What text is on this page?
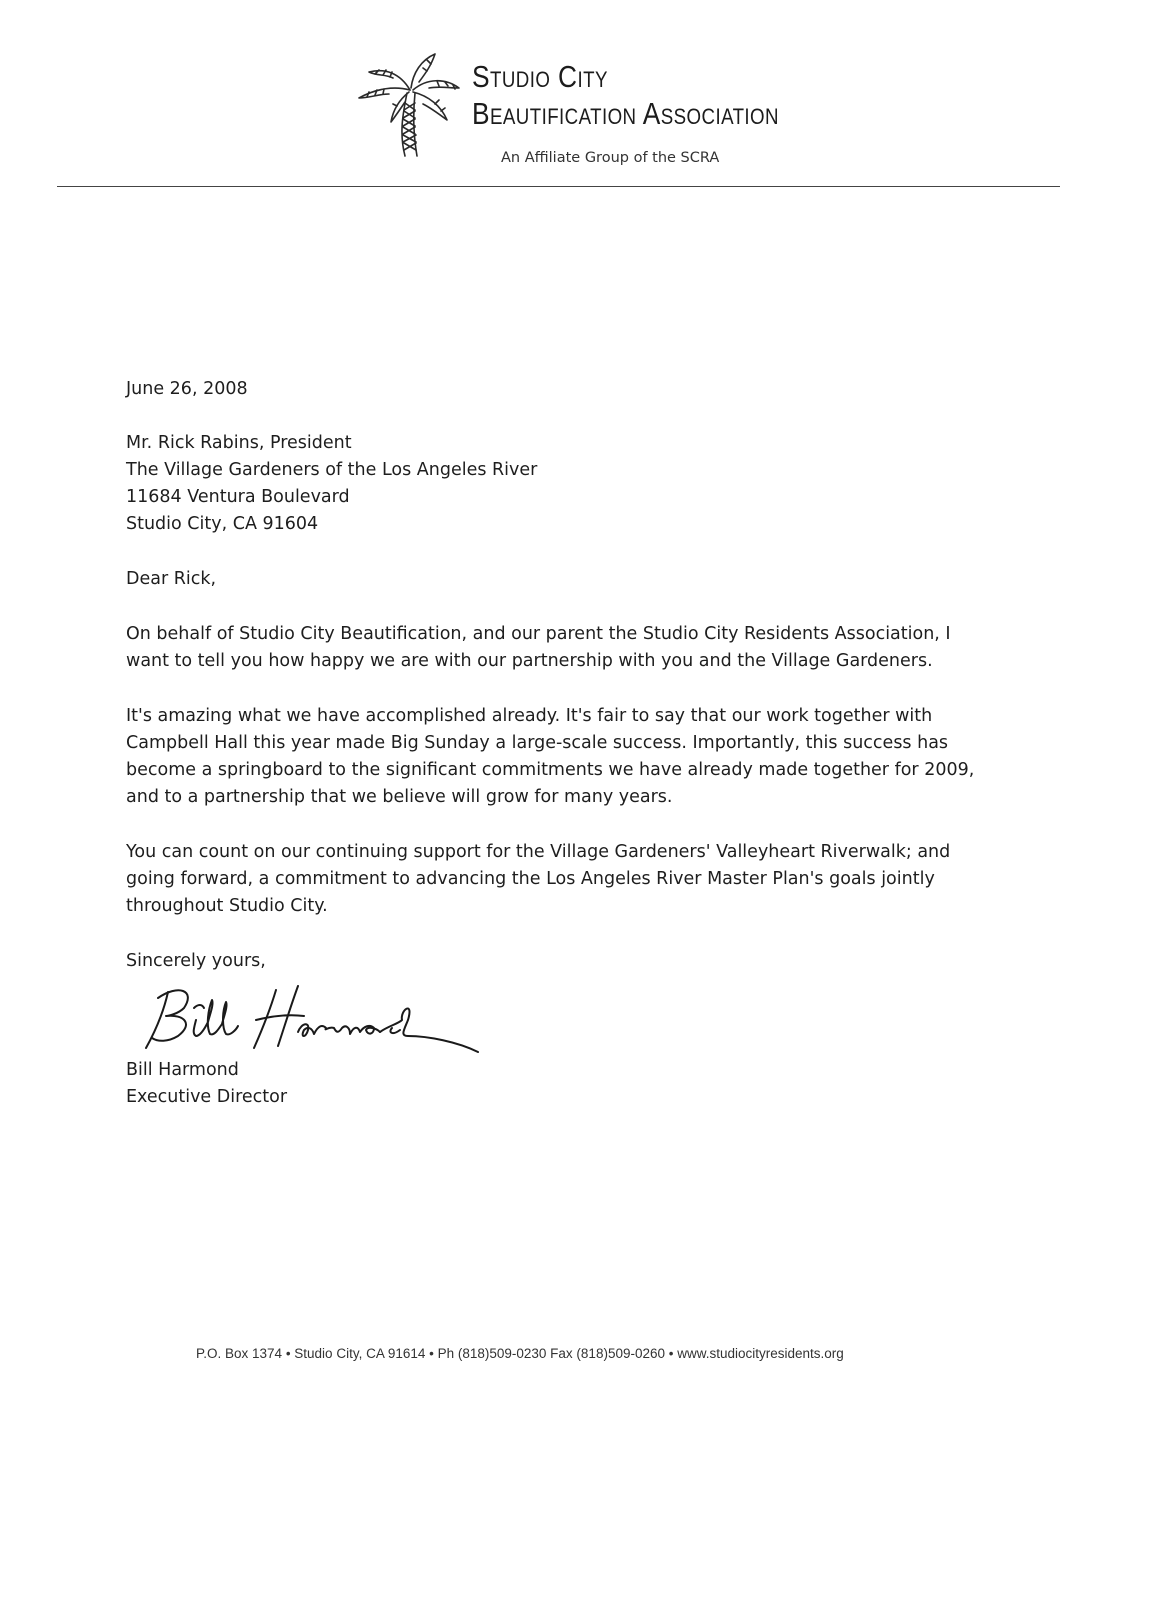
Studio City
Beautification Association
An Affiliate Group of the SCRA
June 26, 2008
Mr. Rick Rabins, President
The Village Gardeners of the Los Angeles River
11684 Ventura Boulevard
Studio City, CA 91604
Dear Rick,
On behalf of Studio City Beautification, and our parent the Studio City Residents Association, I
want to tell you how happy we are with our partnership with you and the Village Gardeners.
It's amazing what we have accomplished already. It's fair to say that our work together with
Campbell Hall this year made Big Sunday a large-scale success. Importantly, this success has
become a springboard to the significant commitments we have already made together for 2009,
and to a partnership that we believe will grow for many years.
You can count on our continuing support for the Village Gardeners' Valleyheart Riverwalk; and
going forward, a commitment to advancing the Los Angeles River Master Plan's goals jointly
throughout Studio City.
Sincerely yours,
Bill Harmond
Executive Director
P.O. Box 1374 • Studio City, CA 91614 • Ph (818)509-0230 Fax (818)509-0260 • www.studiocityresidents.org
